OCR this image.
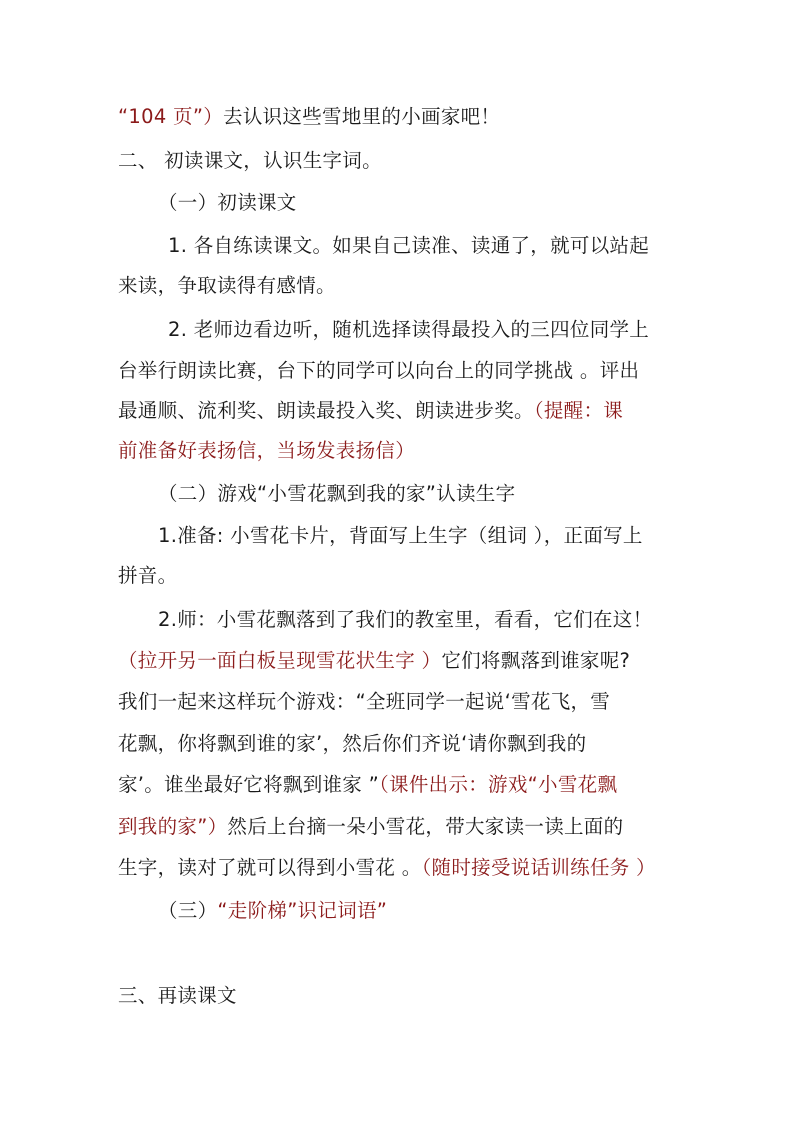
“104 页”）去认识这些雪地里的小画家吧！
二、 初读课文，认识生字词。
（一）初读课文
1. 各自练读课文。如果自己读准、读通了，就可以站起
来读，争取读得有感情。
2. 老师边看边听，随机选择读得最投入的三四位同学上
台举行朗读比赛，台下的同学可以向台上的同学挑战 。评出
最通顺、流利奖、朗读最投入奖、朗读进步奖。（提醒：课
前准备好表扬信，当场发表扬信）
（二）游戏“小雪花飘到我的家”认读生字
1.准备: 小雪花卡片，背面写上生字（组词 ），正面写上
拼音。
2.师：小雪花飘落到了我们的教室里，看看，它们在这！
（拉开另一面白板呈现雪花状生字 ）它们将飘落到谁家呢?
我们一起来这样玩个游戏：“全班同学一起说‘雪花飞，雪
花飘，你将飘到谁的家’，然后你们齐说‘请你飘到我的
家’。谁坐最好它将飘到谁家 ”（课件出示：游戏“小雪花飘
到我的家”）然后上台摘一朵小雪花，带大家读一读上面的
生字，读对了就可以得到小雪花 。（随时接受说话训练任务 ）
（三）“走阶梯”识记词语”
三、再读课文
